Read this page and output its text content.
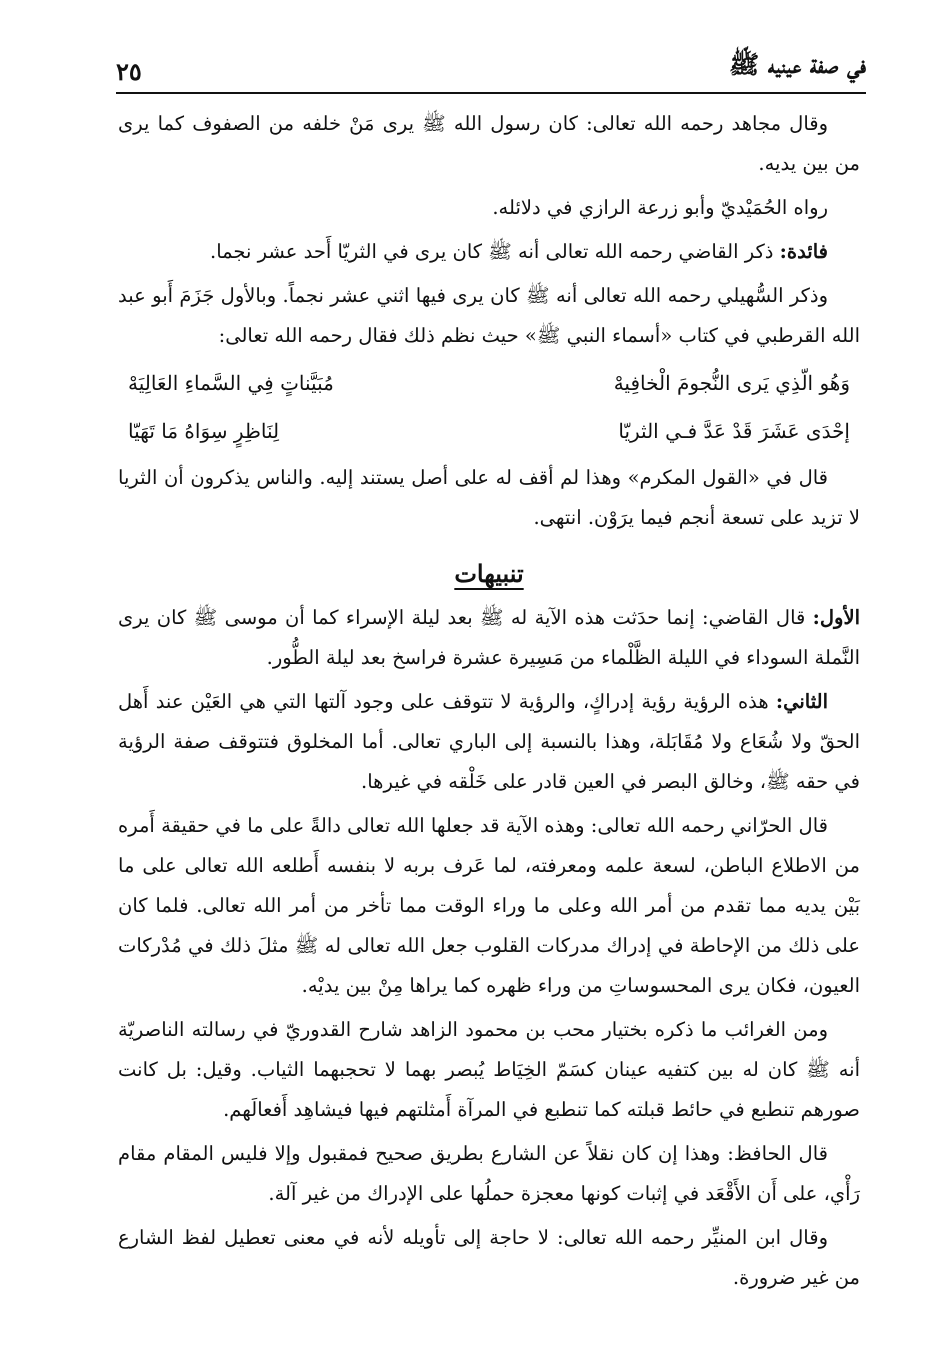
في صفة عينيه ﷺ
٢٥

وقال مجاهد رحمه الله تعالى: كان رسول الله ﷺ يرى مَنْ خلفه من الصفوف كما يرى من بين يديه.

رواه الحُمَيْديّ وأبو زرعة الرازي في دلائله.

فائدة: ذكر القاضي رحمه الله تعالى أنه ﷺ كان يرى في الثريّا أَحد عشر نجما.

وذكر السُّهيلي رحمه الله تعالى أنه ﷺ كان يرى فيها اثني عشر نجماً. وبالأول جَزَمَ أَبو عبد الله القرطبي في كتاب «أسماء النبي ﷺ» حيث نظم ذلك فقال رحمه الله تعالى:

وَهُو الّذِي يَرى النُّجومَ الْخافِيهْ
مُبَيَّناتٍ فِي السَّماءِ العَالِيَهْ
إحْدَى عَشَرَ قَدْ عَدَّ فـي الثريّا
لِنَاظِرٍ سِوَاهُ مَا تَهَيّا

قال في «القول المكرم» وهذا لم أقف له على أصل يستند إليه. والناس يذكرون أن الثريا لا تزيد على تسعة أنجم فيما يرَوْن. انتهى.

تنبيهات

الأول: قال القاضي: إنما حدَثت هذه الآية له ﷺ بعد ليلة الإسراء كما أن موسى ﷺ كان يرى النَّملة السوداء في الليلة الظَّلْماء من مَسِيرة عشرة فراسخ بعد ليلة الطُّور.

الثاني: هذه الرؤية رؤية إدراكٍ، والرؤية لا تتوقف على وجود آلتها التي هي العَيْن عند أَهل الحقّ ولا شُعَاع ولا مُقَابَلة، وهذا بالنسبة إلى الباري تعالى. أما المخلوق فتتوقف صفة الرؤية في حقه ﷺ، وخالق البصر في العين قادر على خَلْقه في غيرها.

قال الحرّاني رحمه الله تعالى: وهذه الآية قد جعلها الله تعالى دالةً على ما في حقيقة أَمره من الاطلاع الباطن، لسعة علمه ومعرفته، لما عَرف بربه لا بنفسه أَطلعه الله تعالى على ما بَيْن يديه مما تقدم من أمر الله وعلى ما وراء الوقت مما تأخر من أمر الله تعالى. فلما كان على ذلك من الإحاطة في إدراك مدركات القلوب جعل الله تعالى له ﷺ مثلَ ذلك في مُدْركات العيون، فكان يرى المحسوساتِ من وراء ظهره كما يراها مِنْ بين يديْه.

ومن الغرائب ما ذكره بختيار محب بن محمود الزاهد شارح القدوريّ في رسالته الناصريّة أنه ﷺ كان له بين كتفيه عينان كسَمّ الخِيَاط يُبصر بهما لا تحجبهما الثياب. وقيل: بل كانت صورهم تنطبع في حائط قبلته كما تنطبع في المرآة أَمثلتهم فيها فيشاهِد أَفعالَهم.

قال الحافظ: وهذا إن كان نقلاً عن الشارع بطريق صحيح فمقبول وإلا فليس المقام مقام رَأْي، على أَن الأَقْعَد في إثبات كونها معجزة حملُها على الإدراك من غير آلة.

وقال ابن المنيِّر رحمه الله تعالى: لا حاجة إلى تأويله لأنه في معنى تعطيل لفظ الشارع من غير ضرورة.
